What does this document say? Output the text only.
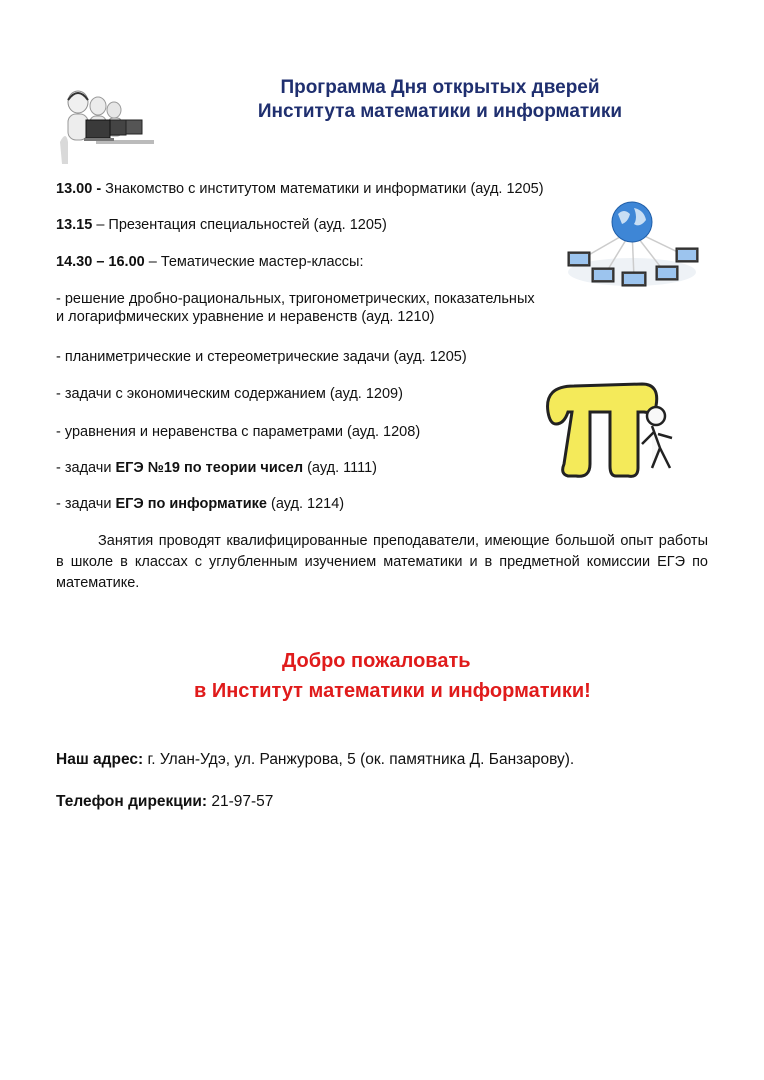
Программа Дня открытых дверей
Института математики и информатики
13.00 - Знакомство с институтом математики и информатики (ауд. 1205)
13.15 – Презентация специальностей (ауд. 1205)
14.30 – 16.00 – Тематические мастер-классы:
- решение дробно-рациональных, тригонометрических, показательных
и логарифмических уравнение и неравенств (ауд. 1210)
- планиметрические и стереометрические задачи (ауд. 1205)
- задачи с экономическим содержанием (ауд. 1209)
- уравнения и неравенства с параметрами (ауд. 1208)
- задачи ЕГЭ №19 по теории чисел (ауд. 1111)
- задачи ЕГЭ по информатике (ауд. 1214)
Занятия проводят квалифицированные преподаватели, имеющие большой опыт работы в школе в классах с углубленным изучением математики и в предметной комиссии ЕГЭ по математике.
Добро пожаловать
в Институт математики и информатики!
Наш адрес: г. Улан-Удэ, ул. Ранжурова, 5 (ок. памятника Д. Банзарову).
Телефон дирекции: 21-97-57
